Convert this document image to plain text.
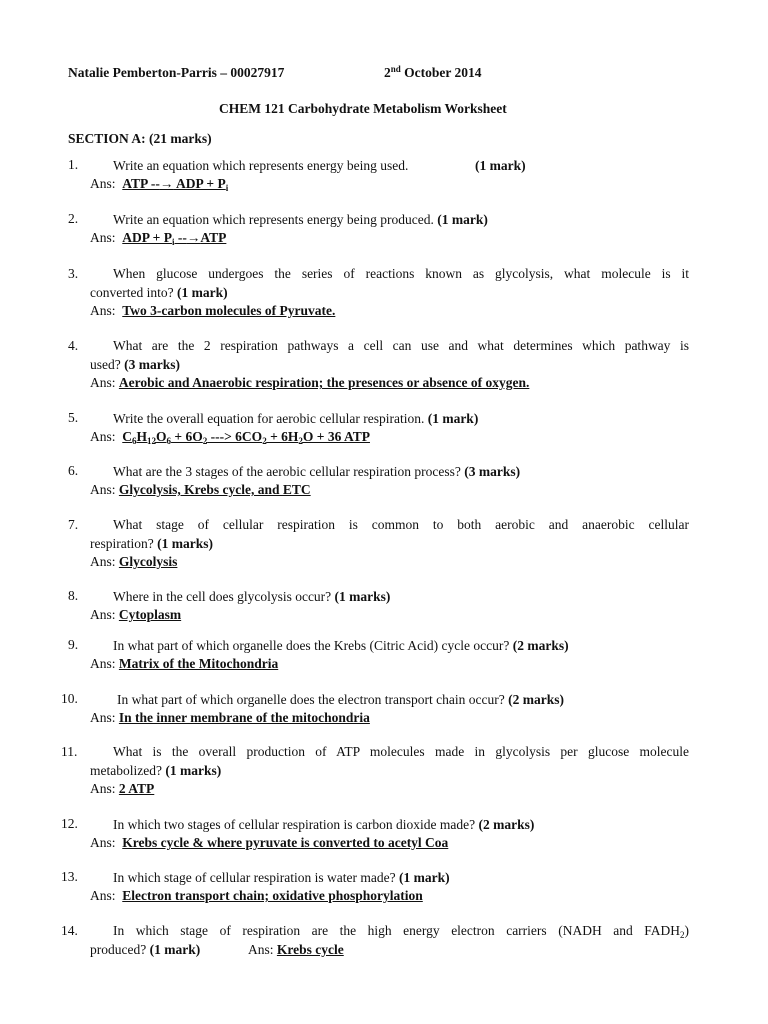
Natalie Pemberton-Parris – 00027917	2nd October 2014
CHEM 121 Carbohydrate Metabolism Worksheet
SECTION A: (21 marks)
1.	Write an equation which represents energy being used.	(1 mark)
Ans: ATP --→ ADP + $P_i$
2.	Write an equation which represents energy being produced. (1 mark)
Ans: ADP + $P_i$ --→ATP
3.	When glucose undergoes the series of reactions known as glycolysis, what molecule is it
converted into? (1 mark)
Ans: Two 3-carbon molecules of Pyruvate.
4.	What are the 2 respiration pathways a cell can use and what determines which pathway is
used? (3 marks)
Ans: Aerobic and Anaerobic respiration; the presences or absence of oxygen.
5.	Write the overall equation for aerobic cellular respiration. (1 mark)
Ans: $C_6H_{12}O_6 + 6O_2$ ---> $6CO_2 + 6H_2O + 36$ ATP
6.	What are the 3 stages of the aerobic cellular respiration process? (3 marks)
Ans: Glycolysis, Krebs cycle, and ETC
7.	What stage of cellular respiration is common to both aerobic and anaerobic cellular
respiration? (1 marks)
Ans: Glycolysis
8.	Where in the cell does glycolysis occur? (1 marks)
Ans: Cytoplasm
9.	In what part of which organelle does the Krebs (Citric Acid) cycle occur? (2 marks)
Ans: Matrix of the Mitochondria
10.	In what part of which organelle does the electron transport chain occur? (2 marks)
Ans: In the inner membrane of the mitochondria
11.	What is the overall production of ATP molecules made in glycolysis per glucose molecule
metabolized? (1 marks)
Ans: 2 ATP
12.	In which two stages of cellular respiration is carbon dioxide made? (2 marks)
Ans: Krebs cycle & where pyruvate is converted to acetyl Coa
13.	In which stage of cellular respiration is water made? (1 mark)
Ans: Electron transport chain; oxidative phosphorylation
14.	In which stage of respiration are the high energy electron carriers (NADH and $FADH_2$)
produced? (1 mark)	Ans: Krebs cycle
